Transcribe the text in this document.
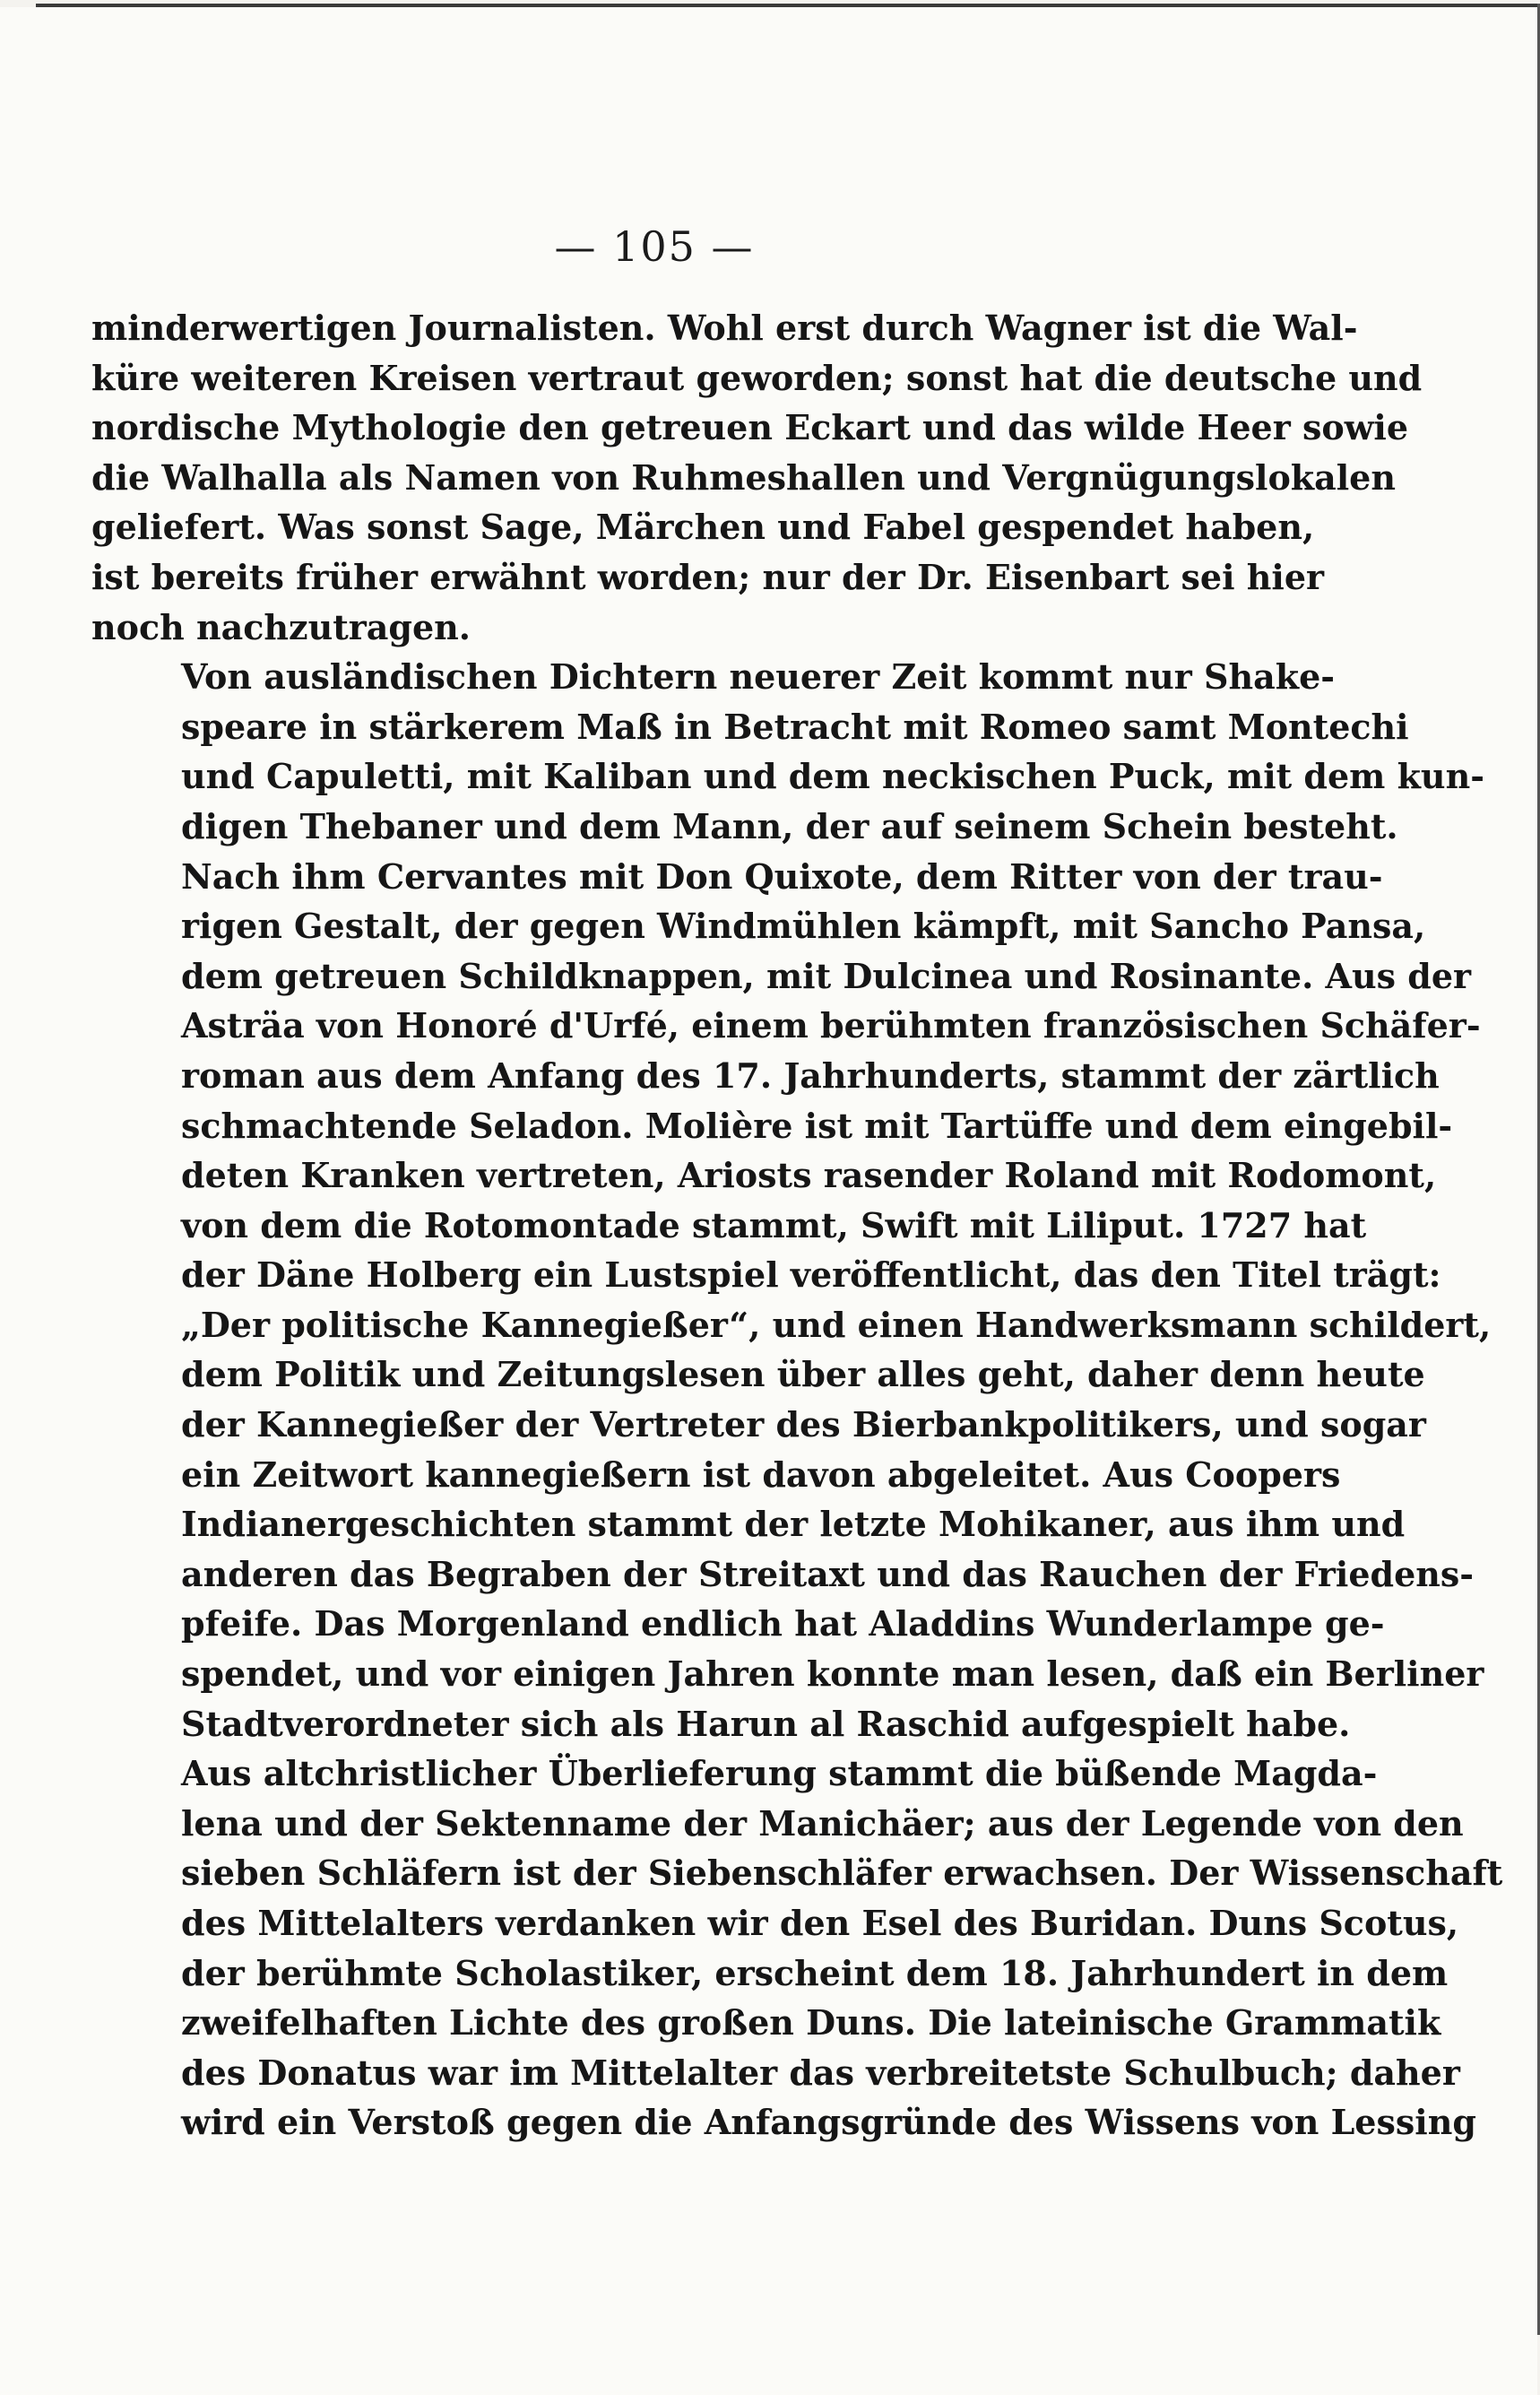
— 105 —

minderwertigen Journalisten. Wohl erst durch Wagner ist die Wal-
küre weiteren Kreisen vertraut geworden; sonst hat die deutsche und
nordische Mythologie den getreuen Eckart und das wilde Heer sowie
die Walhalla als Namen von Ruhmeshallen und Vergnügungslokalen
geliefert. Was sonst Sage, Märchen und Fabel gespendet haben,
ist bereits früher erwähnt worden; nur der Dr. Eisenbart sei hier
noch nachzutragen.

Von ausländischen Dichtern neuerer Zeit kommt nur Shake-
speare in stärkerem Maß in Betracht mit Romeo samt Montechi
und Capuletti, mit Kaliban und dem neckischen Puck, mit dem kun-
digen Thebaner und dem Mann, der auf seinem Schein besteht.
Nach ihm Cervantes mit Don Quixote, dem Ritter von der trau-
rigen Gestalt, der gegen Windmühlen kämpft, mit Sancho Pansa,
dem getreuen Schildknappen, mit Dulcinea und Rosinante. Aus der
Asträa von Honoré d'Urfé, einem berühmten französischen Schäfer-
roman aus dem Anfang des 17. Jahrhunderts, stammt der zärtlich
schmachtende Seladon. Molière ist mit Tartüffe und dem eingebil-
deten Kranken vertreten, Ariosts rasender Roland mit Rodomont,
von dem die Rotomontade stammt, Swift mit Liliput. 1727 hat
der Däne Holberg ein Lustspiel veröffentlicht, das den Titel trägt:
„Der politische Kannegießer“, und einen Handwerksmann schildert,
dem Politik und Zeitungslesen über alles geht, daher denn heute
der Kannegießer der Vertreter des Bierbankpolitikers, und sogar
ein Zeitwort kannegießern ist davon abgeleitet. Aus Coopers
Indianergeschichten stammt der letzte Mohikaner, aus ihm und
anderen das Begraben der Streitaxt und das Rauchen der Friedens-
pfeife. Das Morgenland endlich hat Aladdins Wunderlampe ge-
spendet, und vor einigen Jahren konnte man lesen, daß ein Berliner
Stadtverordneter sich als Harun al Raschid aufgespielt habe.

Aus altchristlicher Überlieferung stammt die büßende Magda-
lena und der Sektenname der Manichäer; aus der Legende von den
sieben Schläfern ist der Siebenschläfer erwachsen. Der Wissenschaft
des Mittelalters verdanken wir den Esel des Buridan. Duns Scotus,
der berühmte Scholastiker, erscheint dem 18. Jahrhundert in dem
zweifelhaften Lichte des großen Duns. Die lateinische Grammatik
des Donatus war im Mittelalter das verbreitetste Schulbuch; daher
wird ein Verstoß gegen die Anfangsgründe des Wissens von Lessing
